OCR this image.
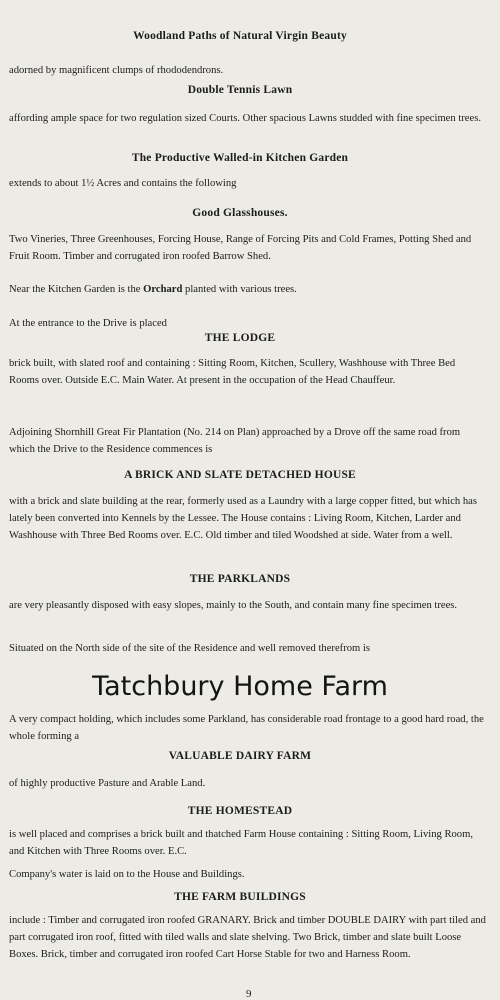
Woodland Paths of Natural Virgin Beauty

adorned by magnificent clumps of rhododendrons.

Double Tennis Lawn

affording ample space for two regulation sized Courts. Other spacious Lawns studded with fine specimen trees.

The Productive Walled-in Kitchen Garden

extends to about 1½ Acres and contains the following

Good Glasshouses.

Two Vineries, Three Greenhouses, Forcing House, Range of Forcing Pits and Cold Frames, Potting Shed and Fruit Room. Timber and corrugated iron roofed Barrow Shed.

Near the Kitchen Garden is the Orchard planted with various trees.

At the entrance to the Drive is placed

THE LODGE

brick built, with slated roof and containing : Sitting Room, Kitchen, Scullery, Washhouse with Three Bed Rooms over. Outside E.C. Main Water. At present in the occupation of the Head Chauffeur.

Adjoining Shornhill Great Fir Plantation (No. 214 on Plan) approached by a Drove off the same road from which the Drive to the Residence commences is

A BRICK AND SLATE DETACHED HOUSE

with a brick and slate building at the rear, formerly used as a Laundry with a large copper fitted, but which has lately been converted into Kennels by the Lessee. The House contains : Living Room, Kitchen, Larder and Washhouse with Three Bed Rooms over. E.C. Old timber and tiled Woodshed at side. Water from a well.

THE PARKLANDS

are very pleasantly disposed with easy slopes, mainly to the South, and contain many fine specimen trees.

Situated on the North side of the site of the Residence and well removed therefrom is

Tatchbury Home Farm

A very compact holding, which includes some Parkland, has considerable road frontage to a good hard road, the whole forming a

VALUABLE DAIRY FARM

of highly productive Pasture and Arable Land.

THE HOMESTEAD

is well placed and comprises a brick built and thatched Farm House containing : Sitting Room, Living Room, and Kitchen with Three Rooms over. E.C.

Company's water is laid on to the House and Buildings.

THE FARM BUILDINGS

include : Timber and corrugated iron roofed GRANARY. Brick and timber DOUBLE DAIRY with part tiled and part corrugated iron roof, fitted with tiled walls and slate shelving. Two Brick, timber and slate built Loose Boxes. Brick, timber and corrugated iron roofed Cart Horse Stable for two and Harness Room.

9
